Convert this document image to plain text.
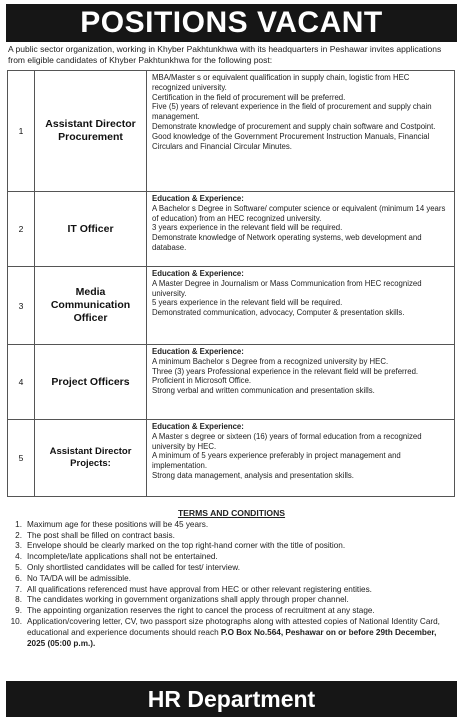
POSITIONS VACANT
A public sector organization, working in Khyber Pakhtunkhwa with its headquarters in Peshawar invites applications from eligible candidates of Khyber Pakhtunkhwa for the following post:
1
Assistant Director Procurement
MBA/Master s or equivalent qualification in supply chain, logistic from HEC recognized university.
Certification in the field of procurement will be preferred.
Five (5) years of relevant experience in the field of procurement and supply chain management.
Demonstrate knowledge of procurement and supply chain software and Costpoint.
Good knowledge of the Government Procurement Instruction Manuals, Financial Circulars and Financial Circular Minutes.
2	IT Officer
Education & Experience:
A Bachelor s Degree in Software/ computer science or equivalent (minimum 14 years of education) from an HEC recognized university.
3 years experience in the relevant field will be required.
Demonstrate knowledge of Network operating systems, web development and database.
3
Media Communication Officer
Education & Experience:
A Master Degree in Journalism or Mass Communication from HEC recognized university.
5 years experience in the relevant field will be required.
Demonstrated communication, advocacy, Computer & presentation skills.
4	Project Officers
Education & Experience:
A minimum Bachelor s Degree from a recognized university by HEC.
Three (3) years Professional experience in the relevant field will be preferred.
Proficient in Microsoft Office.
Strong verbal and written communication and presentation skills.
5
Assistant Director Projects:
Education & Experience:
A Master s degree or sixteen (16) years of formal education from a recognized university by HEC.
A minimum of 5 years experience preferably in project management and implementation.
Strong data management, analysis and presentation skills.
TERMS AND CONDITIONS
1. Maximum age for these positions will be 45 years.
2. The post shall be filled on contract basis.
3. Envelope should be clearly marked on the top right-hand corner with the title of position.
4. Incomplete/late applications shall not be entertained.
5. Only shortlisted candidates will be called for test/ interview.
6. No TA/DA will be admissible.
7. All qualifications referenced must have approval from HEC or other relevant registering entities.
8. The candidates working in government organizations shall apply through proper channel.
9. The appointing organization reserves the right to cancel the process of recruitment at any stage.
10. Application/covering letter, CV, two passport size photographs along with attested copies of National Identity Card, educational and experience documents should reach P.O Box No.564, Peshawar on or before 29th December, 2025 (05:00 p.m.).
HR Department
